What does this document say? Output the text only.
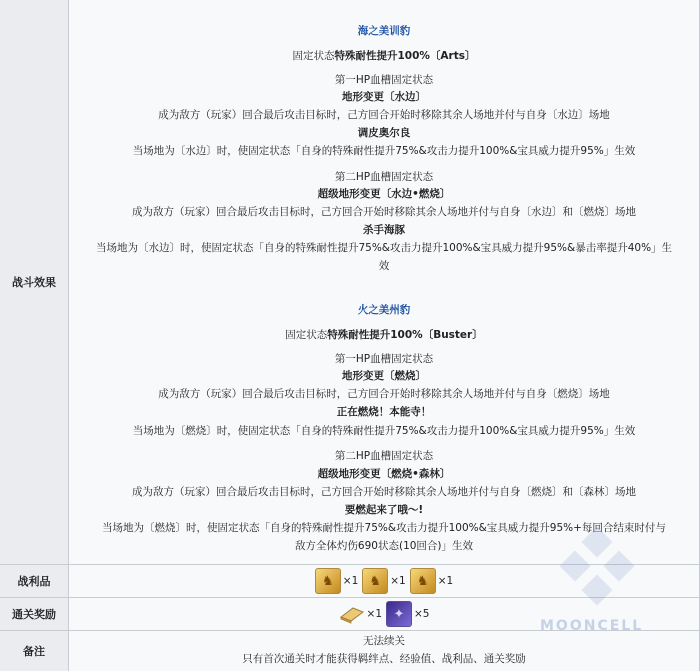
战斗效果
海之美训豹
固定状态特殊耐性提升100%〔Arts〕
第一HP血槽固定状态
地形变更〔水边〕
成为敌方（玩家）回合最后攻击目标时，己方回合开始时移除其余人场地并付与自身〔水边〕场地
调皮奥尔良
当场地为〔水边〕时，使固定状态「自身的特殊耐性提升75%&攻击力提升100%&宝具威力提升95%」生效
第二HP血槽固定状态
超级地形变更〔水边•燃烧〕
成为敌方（玩家）回合最后攻击目标时，己方回合开始时移除其余人场地并付与自身〔水边〕和〔燃烧〕场地
杀手海豚
当场地为〔水边〕时，使固定状态「自身的特殊耐性提升75%&攻击力提升100%&宝具威力提升95%&暴击率提升40%」生
效
火之美州豹
固定状态特殊耐性提升100%〔Buster〕
第一HP血槽固定状态
地形变更〔燃烧〕
成为敌方（玩家）回合最后攻击目标时，己方回合开始时移除其余人场地并付与自身〔燃烧〕场地
正在燃烧！本能寺！
当场地为〔燃烧〕时，使固定状态「自身的特殊耐性提升75%&攻击力提升100%&宝具威力提升95%」生效
第二HP血槽固定状态
超级地形变更〔燃烧•森林〕
成为敌方（玩家）回合最后攻击目标时，己方回合开始时移除其余人场地并付与自身〔燃烧〕和〔森林〕场地
要燃起来了哦～!
当场地为〔燃烧〕时，使固定状态「自身的特殊耐性提升75%&攻击力提升100%&宝具威力提升95%+每回合结束时付与
敌方全体灼伤690状态(10回合)」生效
战利品	♞ ×1 ♞ ×1 ♞ ×1
通关奖励	×1 ✦ ×5
备注
无法续关
只有首次通关时才能获得羁绊点、经验值、战利品、通关奖励
MOONCELL
